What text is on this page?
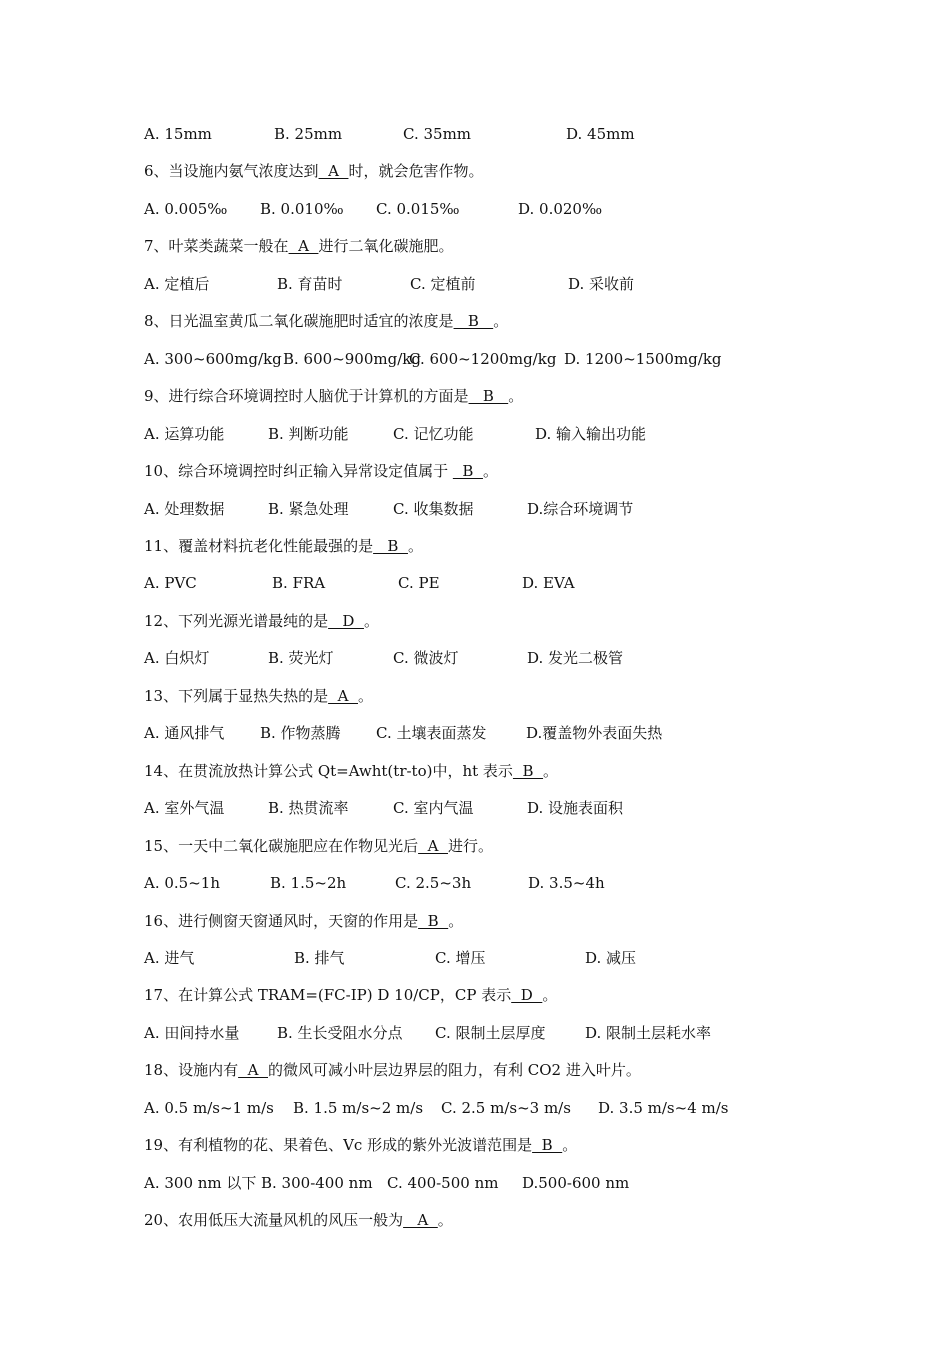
A. 15mm	B. 25mm	C. 35mm	D. 45mm
6、当设施内氨气浓度达到  A  时，就会危害作物。
A. 0.005‰ B. 0.010‰ C. 0.015‰	D. 0.020‰
7、叶菜类蔬菜一般在  A  进行二氧化碳施肥。
A. 定植后	B. 育苗时	C. 定植前	D. 采收前
8、日光温室黄瓜二氧化碳施肥时适宜的浓度是   B   。
A. 300~600mg/kg B. 600~900mg/kg
C. 600~1200mg/kg D. 1200~1500mg/kg
9、进行综合环境调控时人脑优于计算机的方面是   B   。
A. 运算功能	B. 判断功能	C. 记忆功能	D. 输入输出功能
10、综合环境调控时纠正输入异常设定值属于   B  。
A. 处理数据	B. 紧急处理	C. 收集数据	D.综合环境调节
11、覆盖材料抗老化性能最强的是   B  。
A. PVC	B. FRA	C. PE	D. EVA
12、下列光源光谱最纯的是   D  。
A. 白炽灯	B. 荧光灯	C. 微波灯	D. 发光二极管
13、下列属于显热失热的是  A  。
A. 通风排气 B. 作物蒸腾 C. 土壤表面蒸发	D.覆盖物外表面失热
14、在贯流放热计算公式 Qt=Awht(tr-to)中，ht 表示  B  。
A. 室外气温	B. 热贯流率	C. 室内气温	D. 设施表面积
15、一天中二氧化碳施肥应在作物见光后  A  进行。
A. 0.5~1h	B. 1.5~2h	C. 2.5~3h	D. 3.5~4h
16、进行侧窗天窗通风时，天窗的作用是  B  。
A. 进气	B. 排气	C. 增压	D. 减压
17、在计算公式 TRAM=(FC-IP) D 10/CP，CP 表示  D  。
A. 田间持水量	B. 生长受阻水分点 C. 限制土层厚度	D. 限制土层耗水率
18、设施内有  A  的微风可减小叶层边界层的阻力，有利 CO2 进入叶片。
A. 0.5 m/s~1 m/s B. 1.5 m/s~2 m/s C. 2.5 m/s~3 m/s D. 3.5 m/s~4 m/s
19、有利植物的花、果着色、Vc 形成的紫外光波谱范围是  B  。
A. 300 nm 以下 B. 300-400 nm C. 400-500 nm D.500-600 nm
20、农用低压大流量风机的风压一般为   A  。
